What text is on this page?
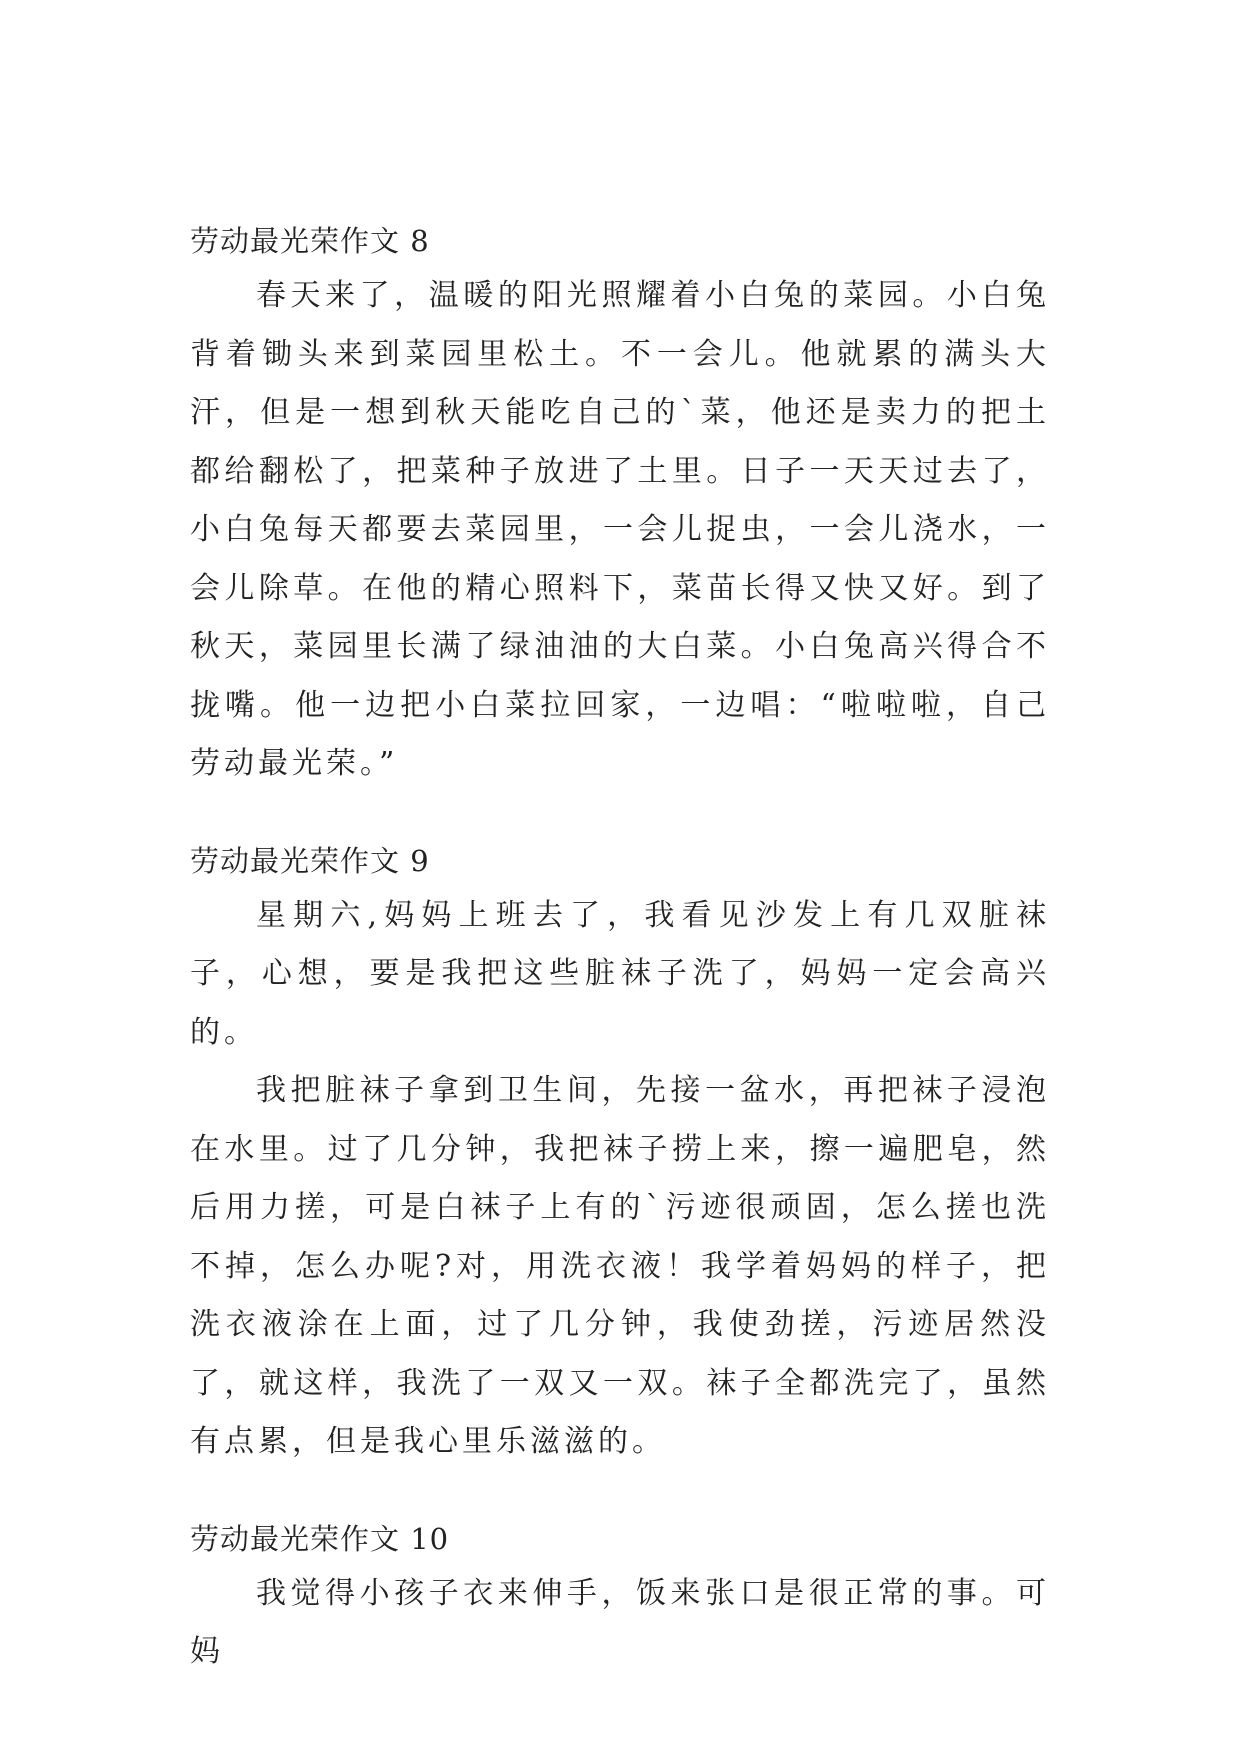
劳动最光荣作文 8

春天来了，温暖的阳光照耀着小白兔的菜园。小白兔背着锄头来到菜园里松土。不一会儿。他就累的满头大汗，但是一想到秋天能吃自己的`菜，他还是卖力的把土都给翻松了，把菜种子放进了土里。日子一天天过去了，小白兔每天都要去菜园里，一会儿捉虫，一会儿浇水，一会儿除草。在他的精心照料下，菜苗长得又快又好。到了秋天，菜园里长满了绿油油的大白菜。小白兔高兴得合不拢嘴。他一边把小白菜拉回家，一边唱：“啦啦啦，自己劳动最光荣。”

劳动最光荣作文 9

星期六,妈妈上班去了，我看见沙发上有几双脏袜子，心想，要是我把这些脏袜子洗了，妈妈一定会高兴的。

我把脏袜子拿到卫生间，先接一盆水，再把袜子浸泡在水里。过了几分钟，我把袜子捞上来，擦一遍肥皂，然后用力搓，可是白袜子上有的`污迹很顽固，怎么搓也洗不掉，怎么办呢?对，用洗衣液！我学着妈妈的样子，把洗衣液涂在上面，过了几分钟，我使劲搓，污迹居然没了，就这样，我洗了一双又一双。袜子全都洗完了，虽然有点累，但是我心里乐滋滋的。

劳动最光荣作文 10

我觉得小孩子衣来伸手，饭来张口是很正常的事。可妈
